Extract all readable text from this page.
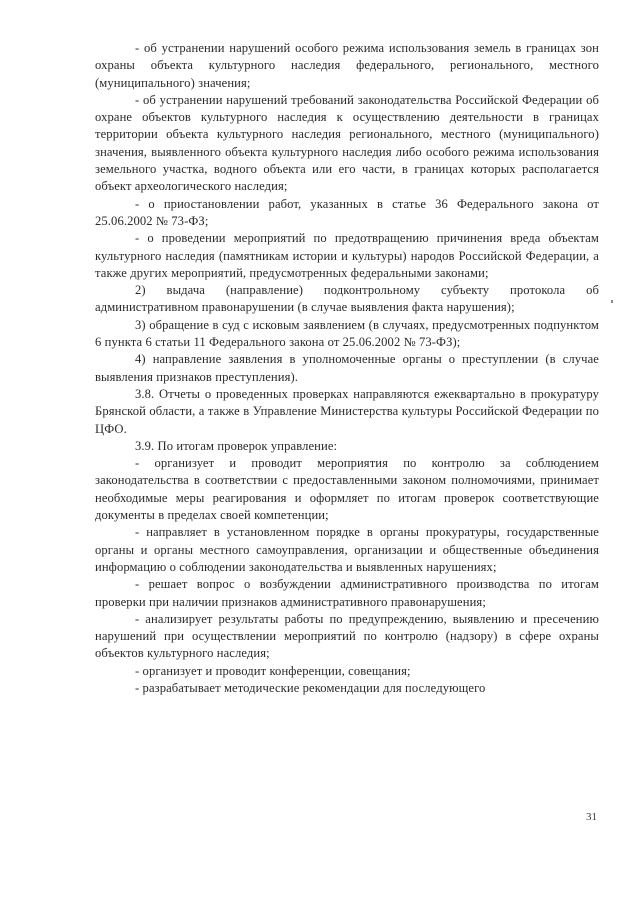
- об устранении нарушений особого режима использования земель в границах зон охраны объекта культурного наследия федерального, регионального, местного (муниципального) значения;

- об устранении нарушений требований законодательства Российской Федерации об охране объектов культурного наследия к осуществлению деятельности в границах территории объекта культурного наследия регионального, местного (муниципального) значения, выявленного объекта культурного наследия либо особого режима использования земельного участка, водного объекта или его части, в границах которых располагается объект археологического наследия;

- о приостановлении работ, указанных в статье 36 Федерального закона от 25.06.2002 № 73-ФЗ;

- о проведении мероприятий по предотвращению причинения вреда объектам культурного наследия (памятникам истории и культуры) народов Российской Федерации, а также других мероприятий, предусмотренных федеральными законами;

2) выдача (направление) подконтрольному субъекту протокола об административном правонарушении (в случае выявления факта нарушения);

3) обращение в суд с исковым заявлением (в случаях, предусмотренных подпунктом 6 пункта 6 статьи 11 Федерального закона от 25.06.2002 № 73-ФЗ);

4) направление заявления в уполномоченные органы о преступлении (в случае выявления признаков преступления).

3.8. Отчеты о проведенных проверках направляются ежеквартально в прокуратуру Брянской области, а также в Управление Министерства культуры Российской Федерации по ЦФО.

3.9. По итогам проверок управление:

- организует и проводит мероприятия по контролю за соблюдением законодательства в соответствии с предоставленными законом полномочиями, принимает необходимые меры реагирования и оформляет по итогам проверок соответствующие документы в пределах своей компетенции;

- направляет в установленном порядке в органы прокуратуры, государственные органы и органы местного самоуправления, организации и общественные объединения информацию о соблюдении законодательства и выявленных нарушениях;

- решает вопрос о возбуждении административного производства по итогам проверки при наличии признаков административного правонарушения;

- анализирует результаты работы по предупреждению, выявлению и пресечению нарушений при осуществлении мероприятий по контролю (надзору) в сфере охраны объектов культурного наследия;

- организует и проводит конференции, совещания;

- разрабатывает методические рекомендации для последующего

31
